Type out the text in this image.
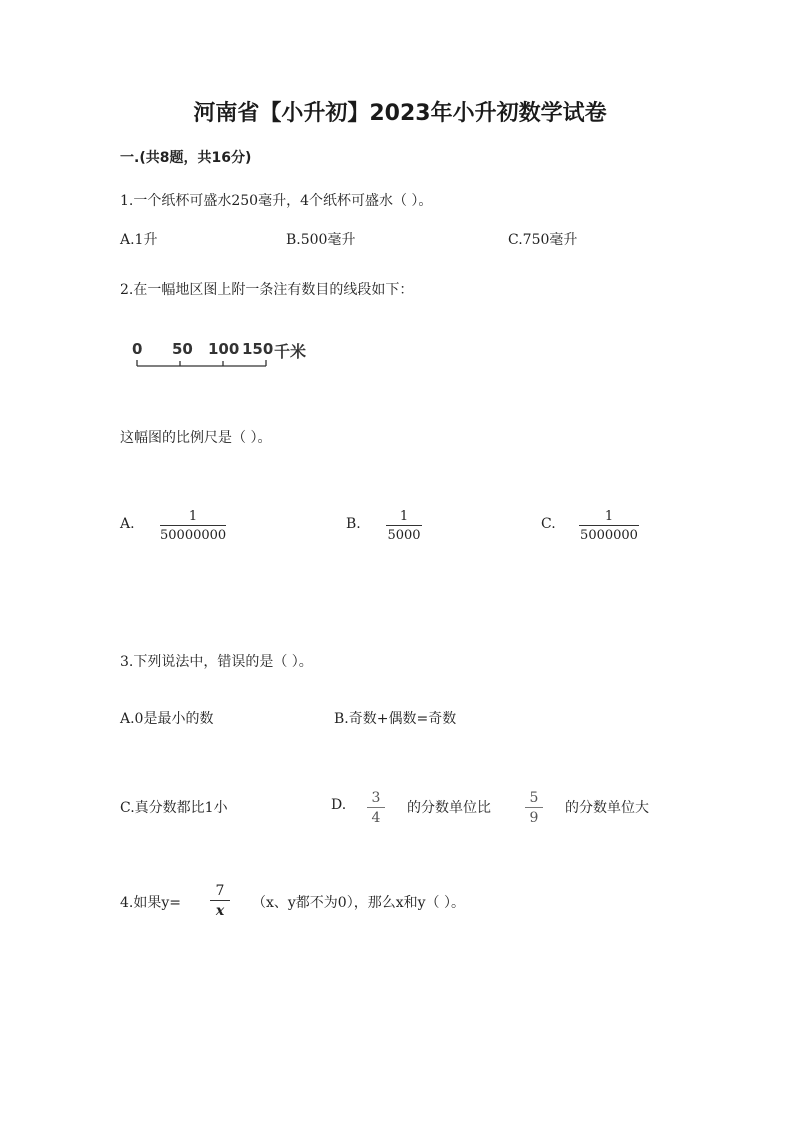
河南省【小升初】2023年小升初数学试卷
一.(共8题，共16分)
1.一个纸杯可盛水250毫升，4个纸杯可盛水（ ）。
A.1升	B.500毫升	C.750毫升
2.在一幅地区图上附一条注有数目的线段如下：
0 50 100 150 千米
这幅图的比例尺是（ ）。
A.	1
50000000
B.	1
5000
C.	1
5000000
3.下列说法中，错误的是（ ）。
A.0是最小的数	B.奇数+偶数=奇数
C.真分数都比1小	D.	3
4
的分数单位比
5
9
的分数单位大
4.如果y=
7
x	（x、y都不为0），那么x和y（ ）。
